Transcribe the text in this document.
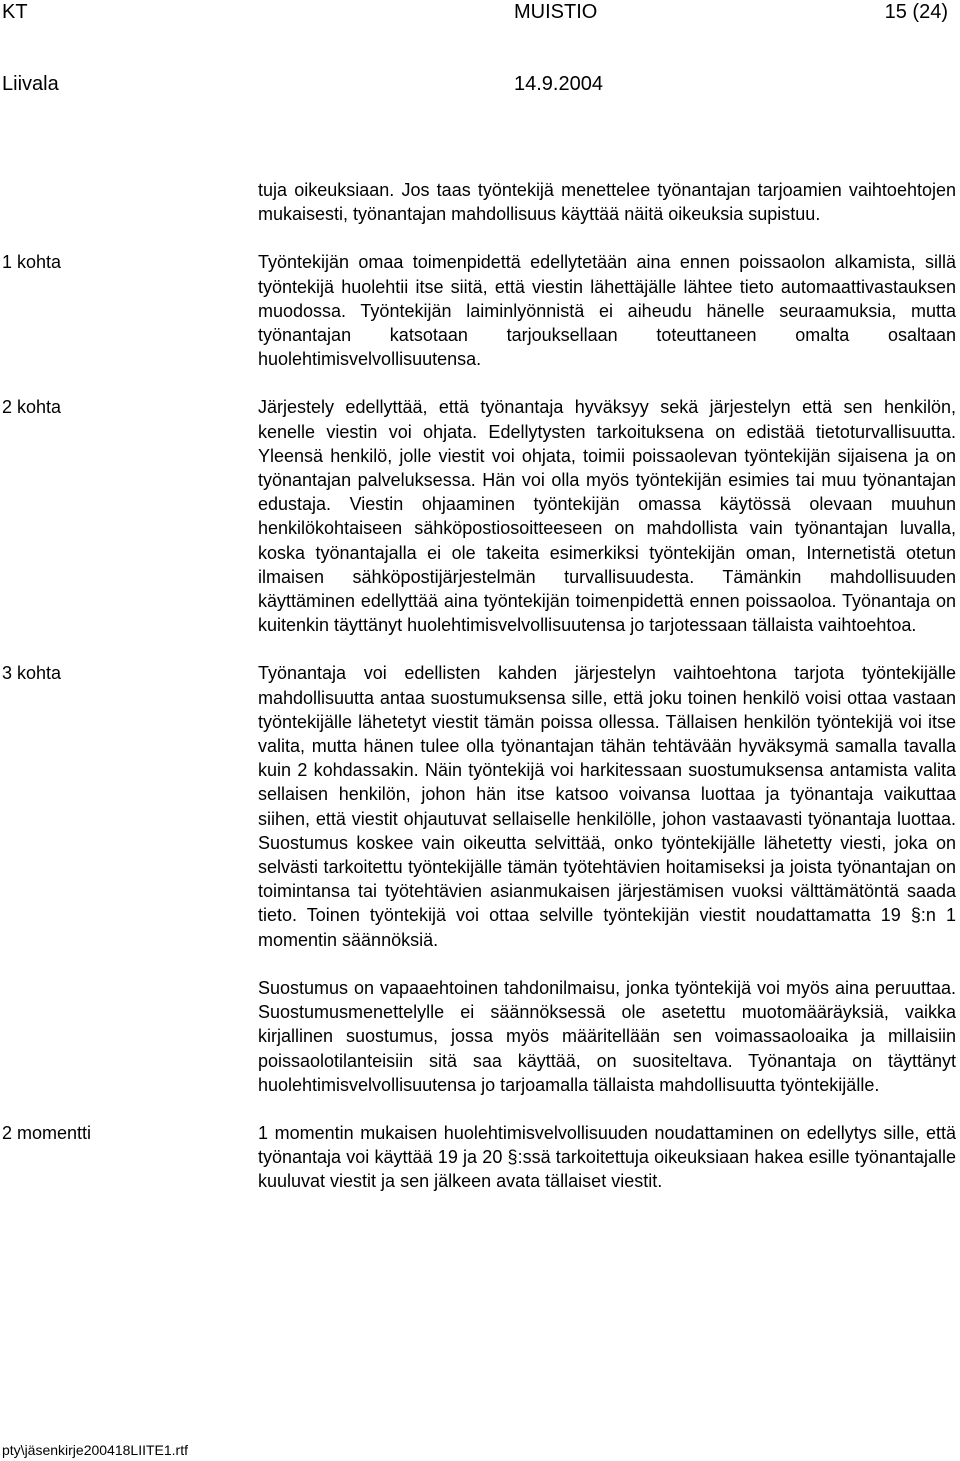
KT	MUISTIO	15 (24)
Liivala	14.9.2004
tuja oikeuksiaan. Jos taas työntekijä menettelee työnantajan tarjoamien vaihtoehtojen mukaisesti, työnantajan mahdollisuus käyttää näitä oikeuksia supistuu.
1 kohta	Työntekijän omaa toimenpidettä edellytetään aina ennen poissaolon alkamista, sillä työntekijä huolehtii itse siitä, että viestin lähettäjälle lähtee tieto automaattivastauksen muodossa. Työntekijän laiminlyönnistä ei aiheudu hänelle seuraamuksia, mutta työnantajan katsotaan tarjouksellaan toteuttaneen omalta osaltaan huolehtimisvelvollisuutensa.
2 kohta	Järjestely edellyttää, että työnantaja hyväksyy sekä järjestelyn että sen henkilön, kenelle viestin voi ohjata. Edellytysten tarkoituksena on edistää tietoturvallisuutta. Yleensä henkilö, jolle viestit voi ohjata, toimii poissaolevan työntekijän sijaisena ja on työnantajan palveluksessa. Hän voi olla myös työntekijän esimies tai muu työnantajan edustaja. Viestin ohjaaminen työntekijän omassa käytössä olevaan muuhun henkilökohtaiseen sähköpostiosoitteeseen on mahdollista vain työnantajan luvalla, koska työnantajalla ei ole takeita esimerkiksi työntekijän oman, Internetistä otetun ilmaisen sähköpostijärjestelmän turvallisuudesta. Tämänkin mahdollisuuden käyttäminen edellyttää aina työntekijän toimenpidettä ennen poissaoloa. Työnantaja on kuitenkin täyttänyt huolehtimisvelvollisuutensa jo tarjotessaan tällaista vaihtoehtoa.
3 kohta	Työnantaja voi edellisten kahden järjestelyn vaihtoehtona tarjota työntekijälle mahdollisuutta antaa suostumuksensa sille, että joku toinen henkilö voisi ottaa vastaan työntekijälle lähetetyt viestit tämän poissa ollessa. Tällaisen henkilön työntekijä voi itse valita, mutta hänen tulee olla työnantajan tähän tehtävään hyväksymä samalla tavalla kuin 2 kohdassakin. Näin työntekijä voi harkitessaan suostumuksensa antamista valita sellaisen henkilön, johon hän itse katsoo voivansa luottaa ja työnantaja vaikuttaa siihen, että viestit ohjautuvat sellaiselle henkilölle, johon vastaavasti työnantaja luottaa. Suostumus koskee vain oikeutta selvittää, onko työntekijälle lähetetty viesti, joka on selvästi tarkoitettu työntekijälle tämän työtehtävien hoitamiseksi ja joista työnantajan on toimintansa tai työtehtävien asianmukaisen järjestämisen vuoksi välttämätöntä saada tieto. Toinen työntekijä voi ottaa selville työntekijän viestit noudattamatta 19 §:n 1 momentin säännöksiä.
Suostumus on vapaaehtoinen tahdonilmaisu, jonka työntekijä voi myös aina peruuttaa. Suostumusmenettelylle ei säännöksessä ole asetettu muotomääräyksiä, vaikka kirjallinen suostumus, jossa myös määritellään sen voimassaoloaika ja millaisiin poissaolotilanteisiin sitä saa käyttää, on suositeltava. Työnantaja on täyttänyt huolehtimisvelvollisuutensa jo tarjoamalla tällaista mahdollisuutta työntekijälle.
2 momentti	1 momentin mukaisen huolehtimisvelvollisuuden noudattaminen on edellytys sille, että työnantaja voi käyttää 19 ja 20 §:ssä tarkoitettuja oikeuksiaan hakea esille työnantajalle kuuluvat viestit ja sen jälkeen avata tällaiset viestit.
pty\jäsenkirje200418LIITE1.rtf
